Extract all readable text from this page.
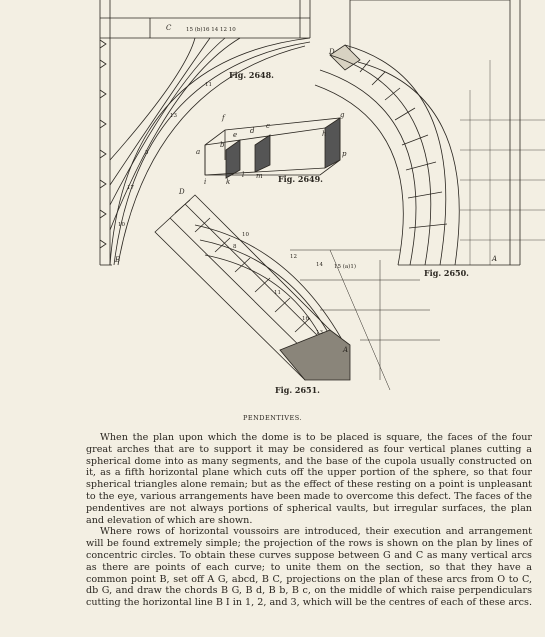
C	15 (b)16 14 12 10
11
13
5
17
10
B
Fig. 2648.
f
e d
c
b
g
h
a	p
i	k
l m Fig. 2649.
D
A
Fig. 2650.
D
10
12
14 15 (a)1)
8
11
16
13
A
Fig. 2651.
PENDENTIVES.

When the plan upon which the dome is to be placed is square, the faces of the four great arches that are to support it may be considered as four vertical planes cutting a spherical dome into as many segments, and the base of the cupola usually constructed on it, as a fifth horizontal plane which cuts off the upper portion of the sphere, so that four spherical triangles alone remain; but as the effect of these resting on a point is unpleasant to the eye, various arrangements have been made to overcome this defect. The faces of the pendentives are not always portions of spherical vaults, but irregular surfaces, the plan and elevation of which are shown.

Where rows of horizontal voussoirs are introduced, their execution and arrangement will be found extremely simple; the projection of the rows is shown on the plan by lines of concentric circles. To obtain these curves suppose between G and C as many vertical arcs as there are points of each curve; to unite them on the section, so that they have a common point B, set off A G, abcd, B C, projections on the plan of these arcs from O to C, db G, and draw the chords B G, B d, B b, B c, on the middle of which raise perpendiculars cutting the horizontal line B I in 1, 2, and 3, which will be the centres of each of these arcs.
